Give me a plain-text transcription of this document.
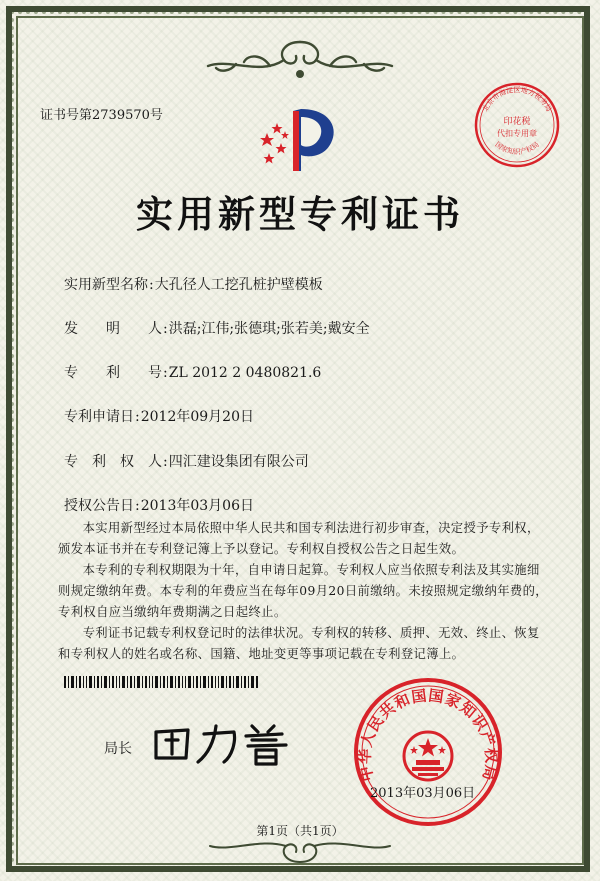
证书号第2739570号
北京市海淀区地方税务局
国家知识产权局
印花税
代扣专用章
实用新型专利证书
实用新型名称:大孔径人工挖孔桩护壁模板
发　　明　　人:洪磊;江伟;张德琪;张若美;戴安全
专　　利　　号:ZL 2012 2 0480821.6
专利申请日:2012年09月20日
专　利　权　人:四汇建设集团有限公司
授权公告日:2013年03月06日

本实用新型经过本局依照中华人民共和国专利法进行初步审查，决定授予专利权，颁发本证书并在专利登记簿上予以登记。专利权自授权公告之日起生效。

本专利的专利权期限为十年，自申请日起算。专利权人应当依照专利法及其实施细则规定缴纳年费。本专利的年费应当在每年09月20日前缴纳。未按照规定缴纳年费的，专利权自应当缴纳年费期满之日起终止。

专利证书记载专利权登记时的法律状况。专利权的转移、质押、无效、终止、恢复和专利权人的姓名或名称、国籍、地址变更等事项记载在专利登记簿上。

局长
中华人民共和国国家知识产权局
2013年03月06日
第1页（共1页）
